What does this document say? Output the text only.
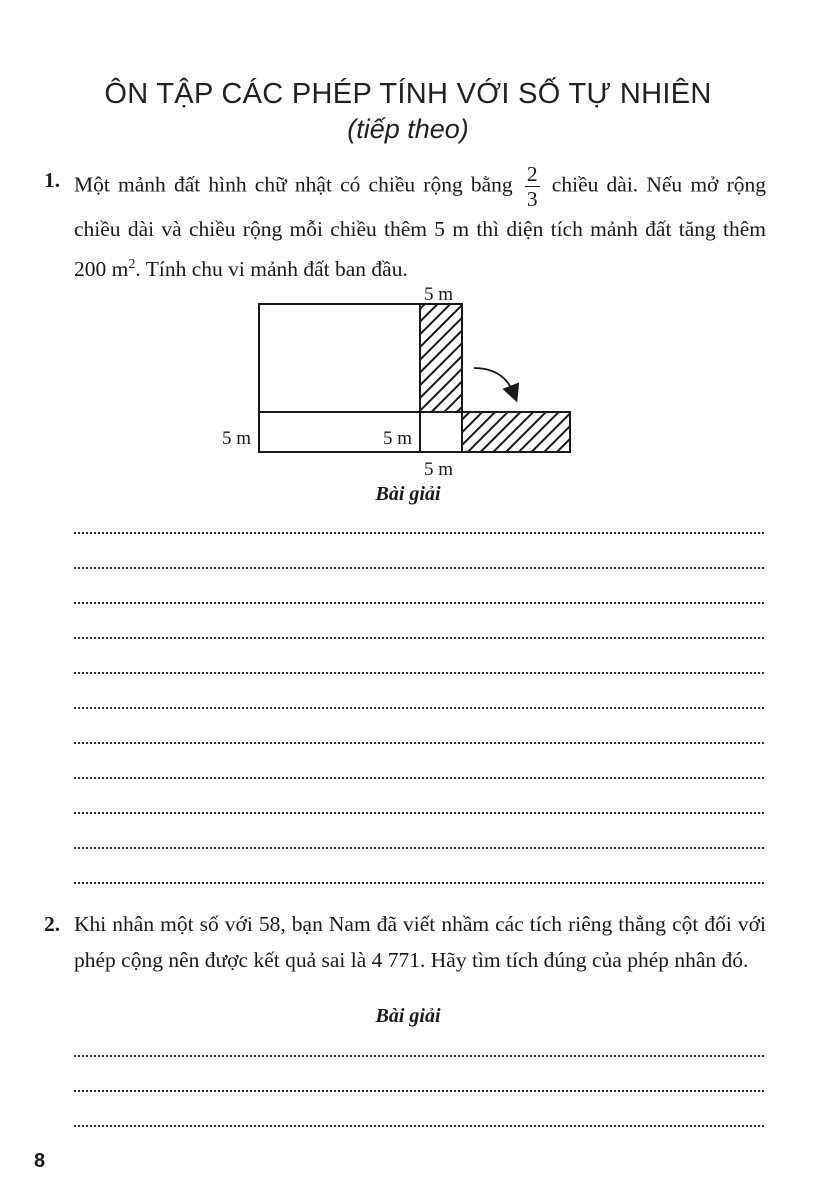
ÔN TẬP CÁC PHÉP TÍNH VỚI SỐ TỰ NHIÊN
(tiếp theo)
1. Một mảnh đất hình chữ nhật có chiều rộng bằng $\frac{2}{3}$ chiều dài. Nếu mở rộng chiều dài và chiều rộng mỗi chiều thêm 5 m thì diện tích mảnh đất tăng thêm 200 $m^2$. Tính chu vi mảnh đất ban đầu.
5 m
5 m	5 m
5 m
Bài giải
2. Khi nhân một số với 58, bạn Nam đã viết nhầm các tích riêng thẳng cột đối với phép cộng nên được kết quả sai là 4 771. Hãy tìm tích đúng của phép nhân đó.
Bài giải
8
